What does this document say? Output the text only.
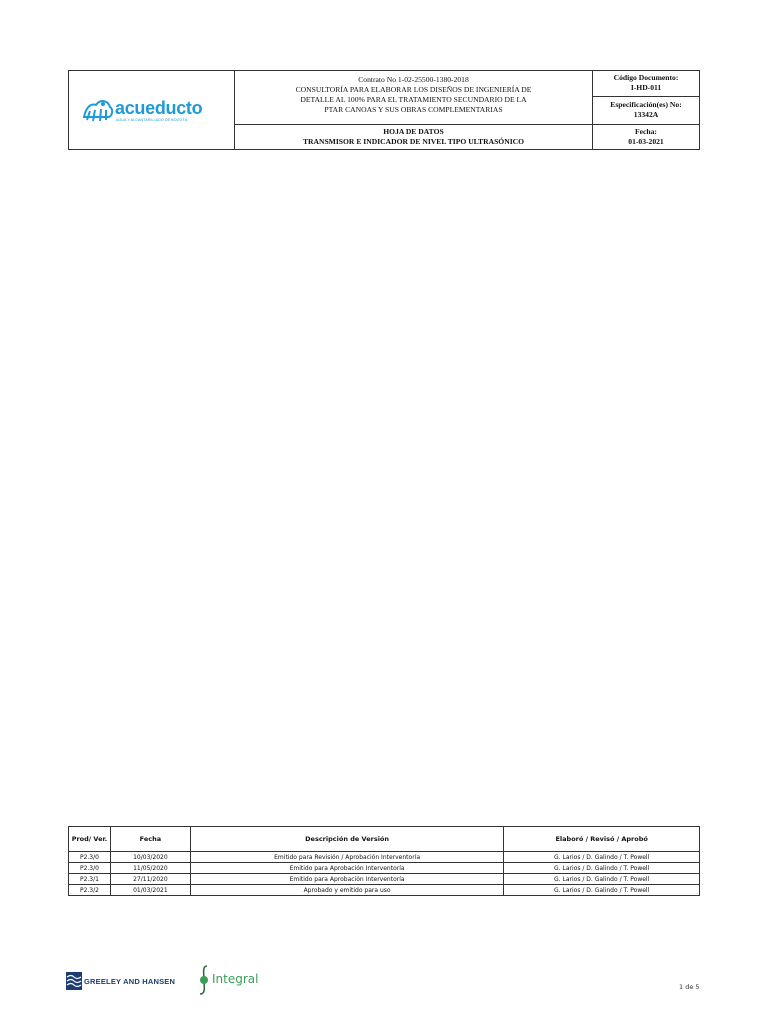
acueducto
AGUA Y ALCANTARILLADO DE BOGOTÁ
Contrato No 1-02-25500-1380-2018
CONSULTORÍA PARA ELABORAR LOS DISEÑOS DE INGENIERÍA DE
DETALLE AL 100% PARA EL TRATAMIENTO SECUNDARIO DE LA
PTAR CANOAS Y SUS OBRAS COMPLEMENTARIAS
HOJA DE DATOS
TRANSMISOR E INDICADOR DE NIVEL TIPO ULTRASÓNICO
Código Documento:
I-HD-011
Especificación(es) No:
13342A
Fecha:
01-03-2021
Prod/ Ver.	Fecha	Descripción de Versión	Elaboró / Revisó / Aprobó
P2.3/0	10/03/2020	Emitido para Revisión / Aprobación Interventoría	G. Larios / D. Galindo / T. Powell
P2.3/0	11/05/2020	Emitido para Aprobación Interventoría	G. Larios / D. Galindo / T. Powell
P2.3/1	27/11/2020	Emitido para Aprobación Interventoría	G. Larios / D. Galindo / T. Powell
P2.3/2	01/03/2021	Aprobado y emitido para uso	G. Larios / D. Galindo / T. Powell
GREELEY AND HANSEN	Integral
1 de 5
